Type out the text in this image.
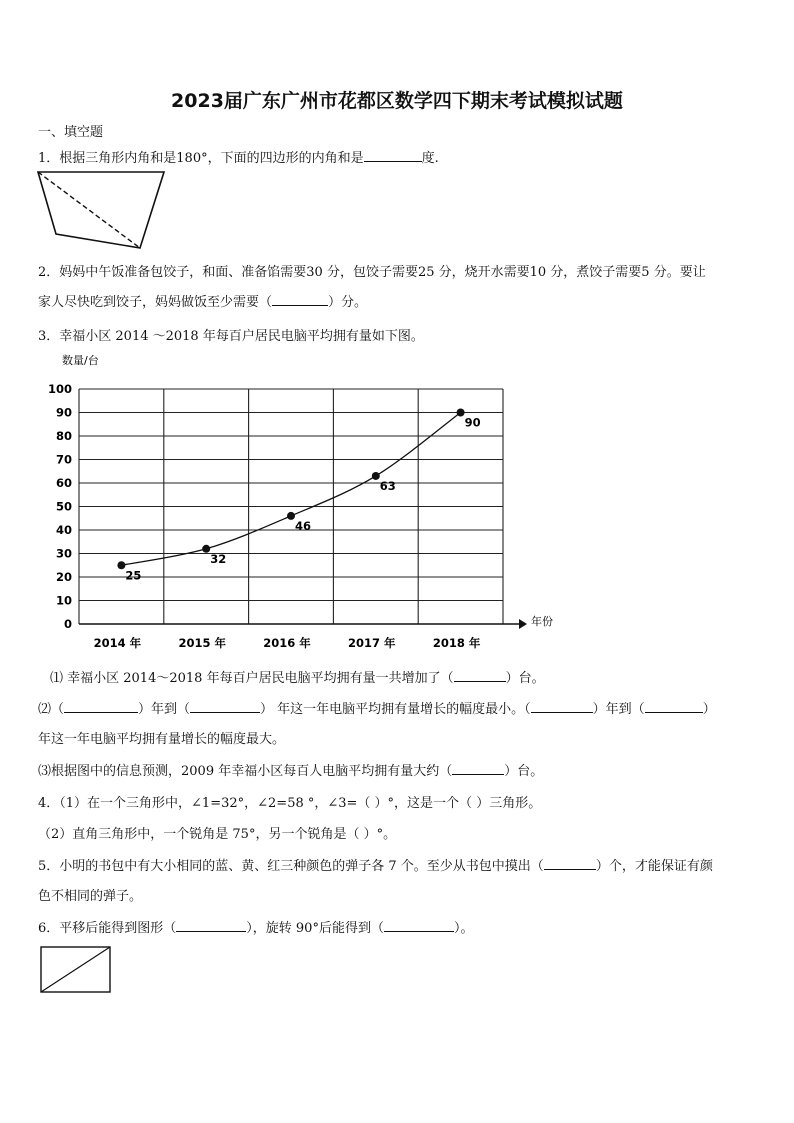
2023届广东广州市花都区数学四下期末考试模拟试题
一、填空题
1．根据三角形内角和是180°，下面的四边形的内角和是	度.
2．妈妈中午饭准备包饺子，和面、准备馅需要30 分，包饺子需要25 分，烧开水需要10 分，煮饺子需要5 分。要让
家人尽快吃到饺子，妈妈做饭至少需要（	）分。
3．幸福小区 2014 ～2018 年每百户居民电脑平均拥有量如下图。
数量/台
年份
0
10
20
30
40
50
60
70
80
90
100
2014 年	2015 年	2016 年	2017 年	2018 年
25
32
46
63
90
⑴ 幸福小区 2014～2018 年每百户居民电脑平均拥有量一共增加了（	）台。
⑵（	）年到（	） 年这一年电脑平均拥有量增长的幅度最小。（	）年到（	）
年这一年电脑平均拥有量增长的幅度最大。
⑶根据图中的信息预测，2009 年幸福小区每百人电脑平均拥有量大约（	）台。
4．（1）在一个三角形中，∠1=32°，∠2=58 °，∠3=（ ）°，这是一个（ ）三角形。
（2）直角三角形中，一个锐角是 75°，另一个锐角是（ ）°。
5．小明的书包中有大小相同的蓝、黄、红三种颜色的弹子各 7 个。至少从书包中摸出（	）个，才能保证有颜
色不相同的弹子。
6．平移后能得到图形（	），旋转 90°后能得到（	）。
